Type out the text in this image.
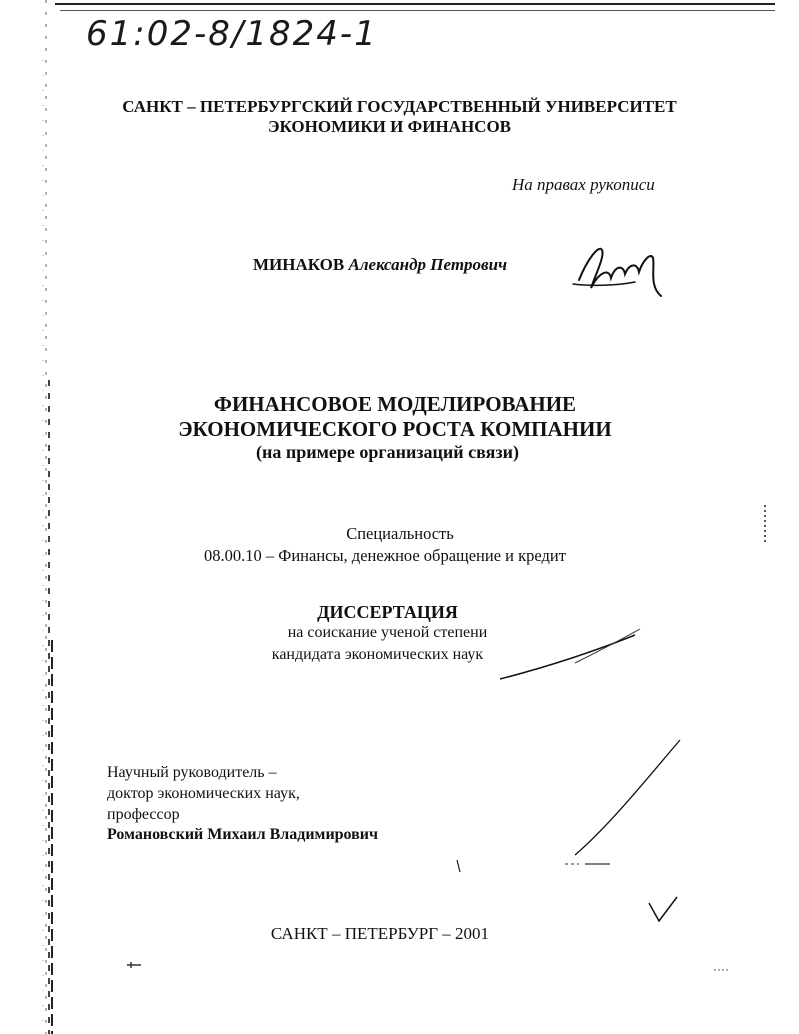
61:02-8/1824-1
САНКТ – ПЕТЕРБУРГСКИЙ ГОСУДАРСТВЕННЫЙ УНИВЕРСИТЕТ
ЭКОНОМИКИ И ФИНАНСОВ
На правах рукописи
МИНАКОВ Александр Петрович
ФИНАНСОВОЕ МОДЕЛИРОВАНИЕ
ЭКОНОМИЧЕСКОГО РОСТА КОМПАНИИ
(на примере организаций связи)
Специальность
08.00.10 – Финансы, денежное обращение и кредит
ДИССЕРТАЦИЯ
на соискание ученой степени
кандидата экономических наук
Научный руководитель –
доктор экономических наук,
профессор
Романовский Михаил Владимирович
САНКТ – ПЕТЕРБУРГ – 2001
